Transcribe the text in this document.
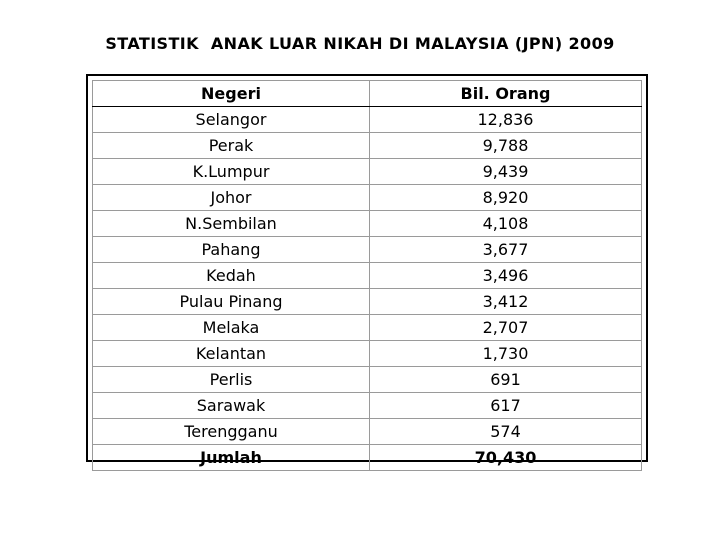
STATISTIK  ANAK LUAR NIKAH DI MALAYSIA (JPN) 2009
Negeri	Bil. Orang
Selangor	12,836
Perak	9,788
K.Lumpur	9,439
Johor	8,920
N.Sembilan	4,108
Pahang	3,677
Kedah	3,496
Pulau Pinang	3,412
Melaka	2,707
Kelantan	1,730
Perlis	691
Sarawak	617
Terengganu	574
Jumlah	70,430
